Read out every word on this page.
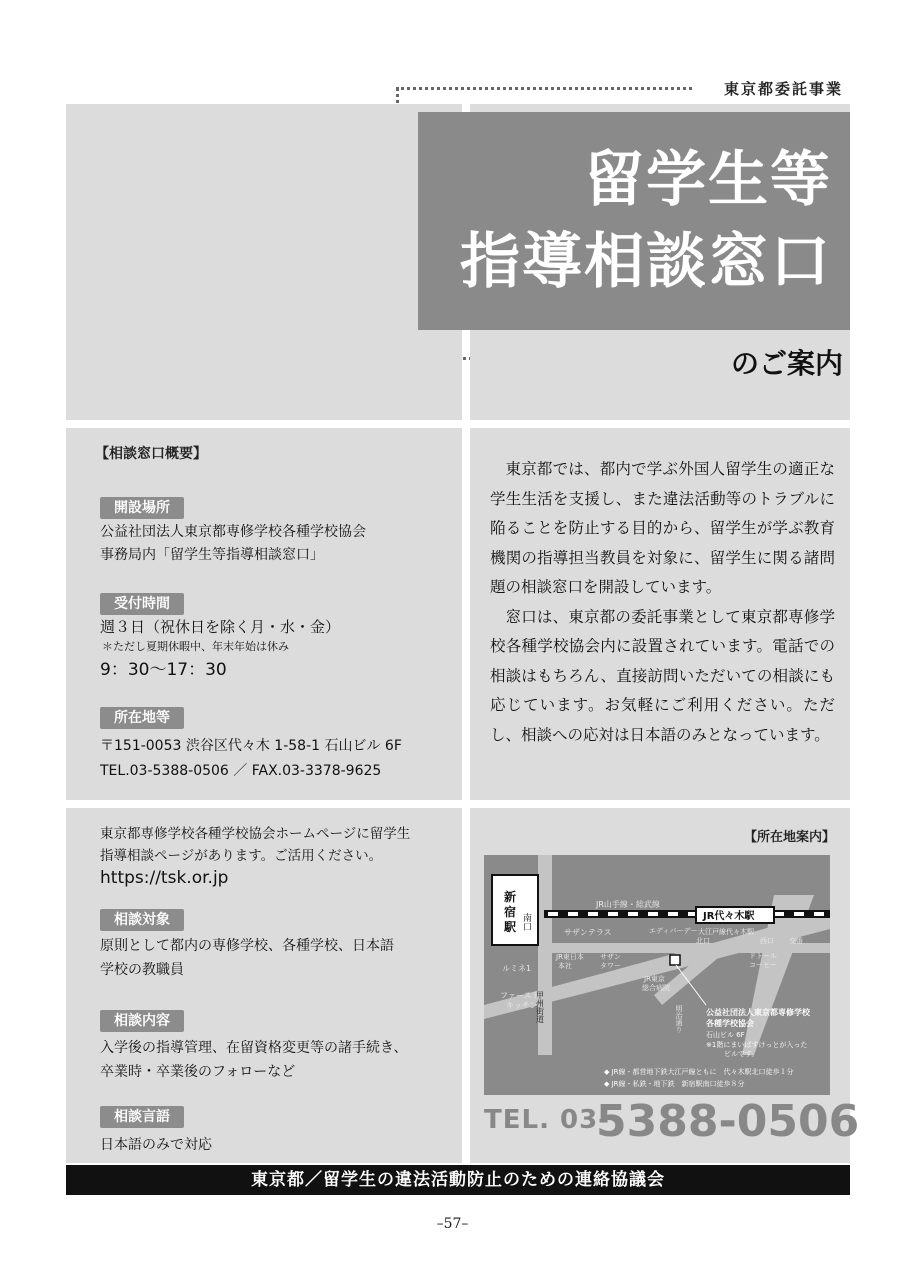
東京都委託事業
留学生等
指導相談窓口
のご案内
【相談窓口概要】
開設場所
公益社団法人東京都専修学校各種学校協会
事務局内「留学生等指導相談窓口」
受付時間
週３日（祝休日を除く月・水・金）
＊ただし夏期休暇中、年末年始は休み
9：30〜17：30
所在地等
〒151-0053 渋谷区代々木 1-58-1 石山ビル 6F
TEL.03-5388-0506 ／ FAX.03-3378-9625

東京都では、都内で学ぶ外国人留学生の適正な学生生活を支援し、また違法活動等のトラブルに陥ることを防止する目的から、留学生が学ぶ教育機関の指導担当教員を対象に、留学生に関る諸問題の相談窓口を開設しています。

窓口は、東京都の委託事業として東京都専修学校各種学校協会内に設置されています。電話での相談はもちろん、直接訪問いただいての相談にも応じています。お気軽にご利用ください。ただし、相談への応対は日本語のみとなっています。

東京都専修学校各種学校協会ホームページに留学生
指導相談ページがあります。ご活用ください。
https://tsk.or.jp
相談対象
原則として都内の専修学校、各種学校、日本語
学校の教職員
相談内容
入学後の指導管理、在留資格変更等の諸手続き、
卒業時・卒業後のフォローなど
相談言語
日本語のみで対応
【所在地案内】
新
宿
駅 南口	JR代々木駅
大江戸線代々木駅
JR山手線・総武線
エディバーデー
サザンテラス
北口	西口 交番
ドトール
コーヒー
JR東日本
本社
サザン
タワー
JR東京
総合病院
ルミネ1
ファースト
キッチン
甲州街道	明治通り	公益社団法人東京都専修学校
各種学校協会
石山ビル 6F
※1階にまいばすけっとが入った
ビルです。
◆ JR線・都営地下鉄大江戸線ともに　代々木駅北口徒歩１分
◆ JR線・私鉄・地下鉄　新宿駅南口徒歩８分
TEL. 03-
5388-0506
東京都／留学生の違法活動防止のための連絡協議会
–57–
